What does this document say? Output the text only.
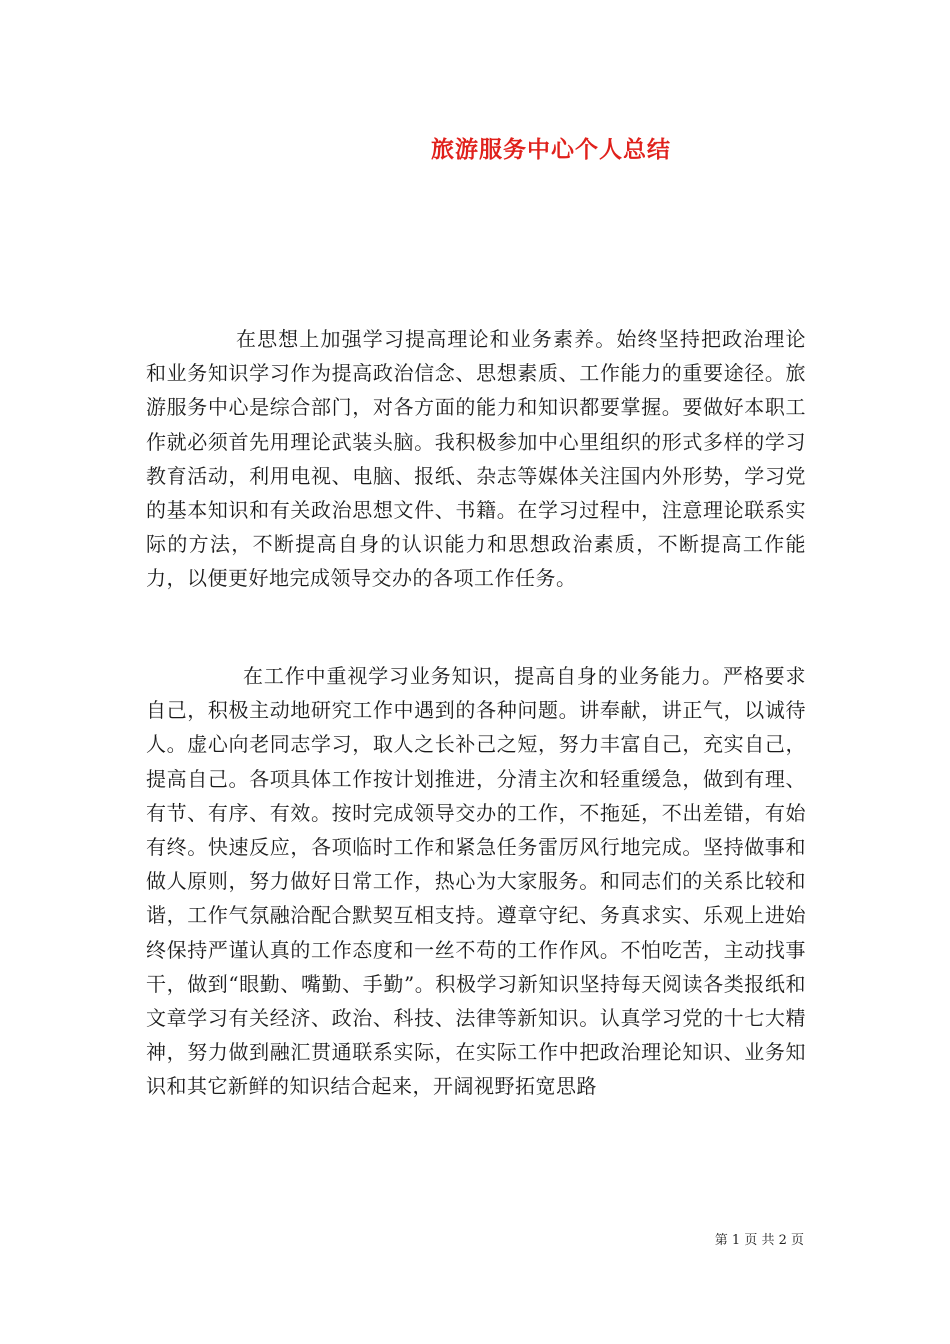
旅游服务中心个人总结

在思想上加强学习提高理论和业务素养。始终坚持把政治理论和业务知识学习作为提高政治信念、思想素质、工作能力的重要途径。旅游服务中心是综合部门，对各方面的能力和知识都要掌握。要做好本职工作就必须首先用理论武装头脑。我积极参加中心里组织的形式多样的学习教育活动，利用电视、电脑、报纸、杂志等媒体关注国内外形势，学习党的基本知识和有关政治思想文件、书籍。在学习过程中，注意理论联系实际的方法，不断提高自身的认识能力和思想政治素质，不断提高工作能力，以便更好地完成领导交办的各项工作任务。

在工作中重视学习业务知识，提高自身的业务能力。严格要求自己，积极主动地研究工作中遇到的各种问题。讲奉献，讲正气，以诚待人。虚心向老同志学习，取人之长补己之短，努力丰富自己，充实自己，提高自己。各项具体工作按计划推进，分清主次和轻重缓急，做到有理、有节、有序、有效。按时完成领导交办的工作，不拖延，不出差错，有始有终。快速反应，各项临时工作和紧急任务雷厉风行地完成。坚持做事和做人原则，努力做好日常工作，热心为大家服务。和同志们的关系比较和谐，工作气氛融洽配合默契互相支持。遵章守纪、务真求实、乐观上进始终保持严谨认真的工作态度和一丝不苟的工作作风。不怕吃苦，主动找事干，做到“眼勤、嘴勤、手勤”。积极学习新知识坚持每天阅读各类报纸和文章学习有关经济、政治、科技、法律等新知识。认真学习党的十七大精神，努力做到融汇贯通联系实际，在实际工作中把政治理论知识、业务知识和其它新鲜的知识结合起来，开阔视野拓宽思路

第 1 页 共 2 页
